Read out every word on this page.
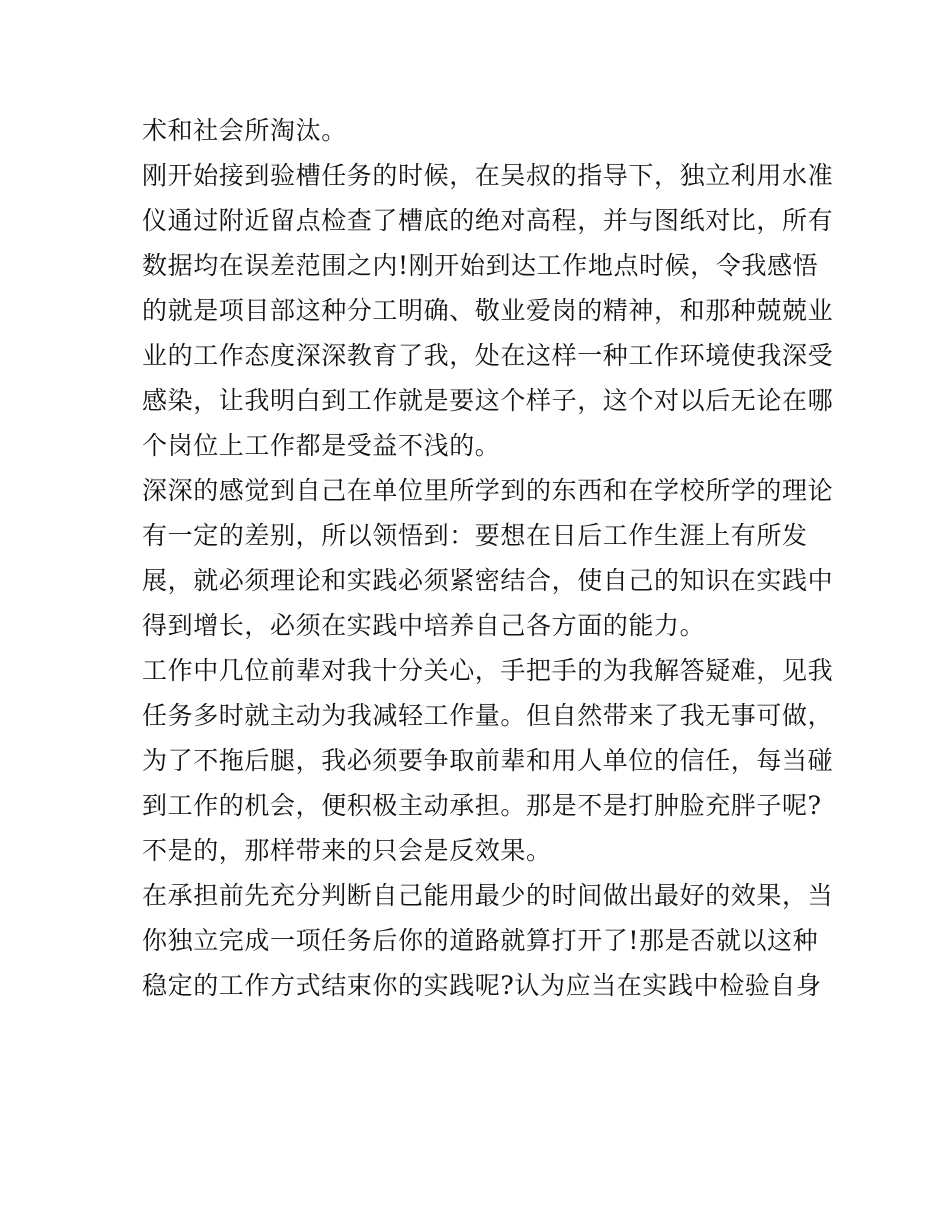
术和社会所淘汰。
刚开始接到验槽任务的时候，在吴叔的指导下，独立利用水准
仪通过附近留点检查了槽底的绝对高程，并与图纸对比，所有
数据均在误差范围之内!刚开始到达工作地点时候，令我感悟
的就是项目部这种分工明确、敬业爱岗的精神，和那种兢兢业
业的工作态度深深教育了我，处在这样一种工作环境使我深受
感染，让我明白到工作就是要这个样子，这个对以后无论在哪
个岗位上工作都是受益不浅的。
深深的感觉到自己在单位里所学到的东西和在学校所学的理论
有一定的差别，所以领悟到：要想在日后工作生涯上有所发
展，就必须理论和实践必须紧密结合，使自己的知识在实践中
得到增长，必须在实践中培养自己各方面的能力。
工作中几位前辈对我十分关心，手把手的为我解答疑难，见我
任务多时就主动为我减轻工作量。但自然带来了我无事可做，
为了不拖后腿，我必须要争取前辈和用人单位的信任，每当碰
到工作的机会，便积极主动承担。那是不是打肿脸充胖子呢?
不是的，那样带来的只会是反效果。
在承担前先充分判断自己能用最少的时间做出最好的效果，当
你独立完成一项任务后你的道路就算打开了!那是否就以这种
稳定的工作方式结束你的实践呢?认为应当在实践中检验自身
